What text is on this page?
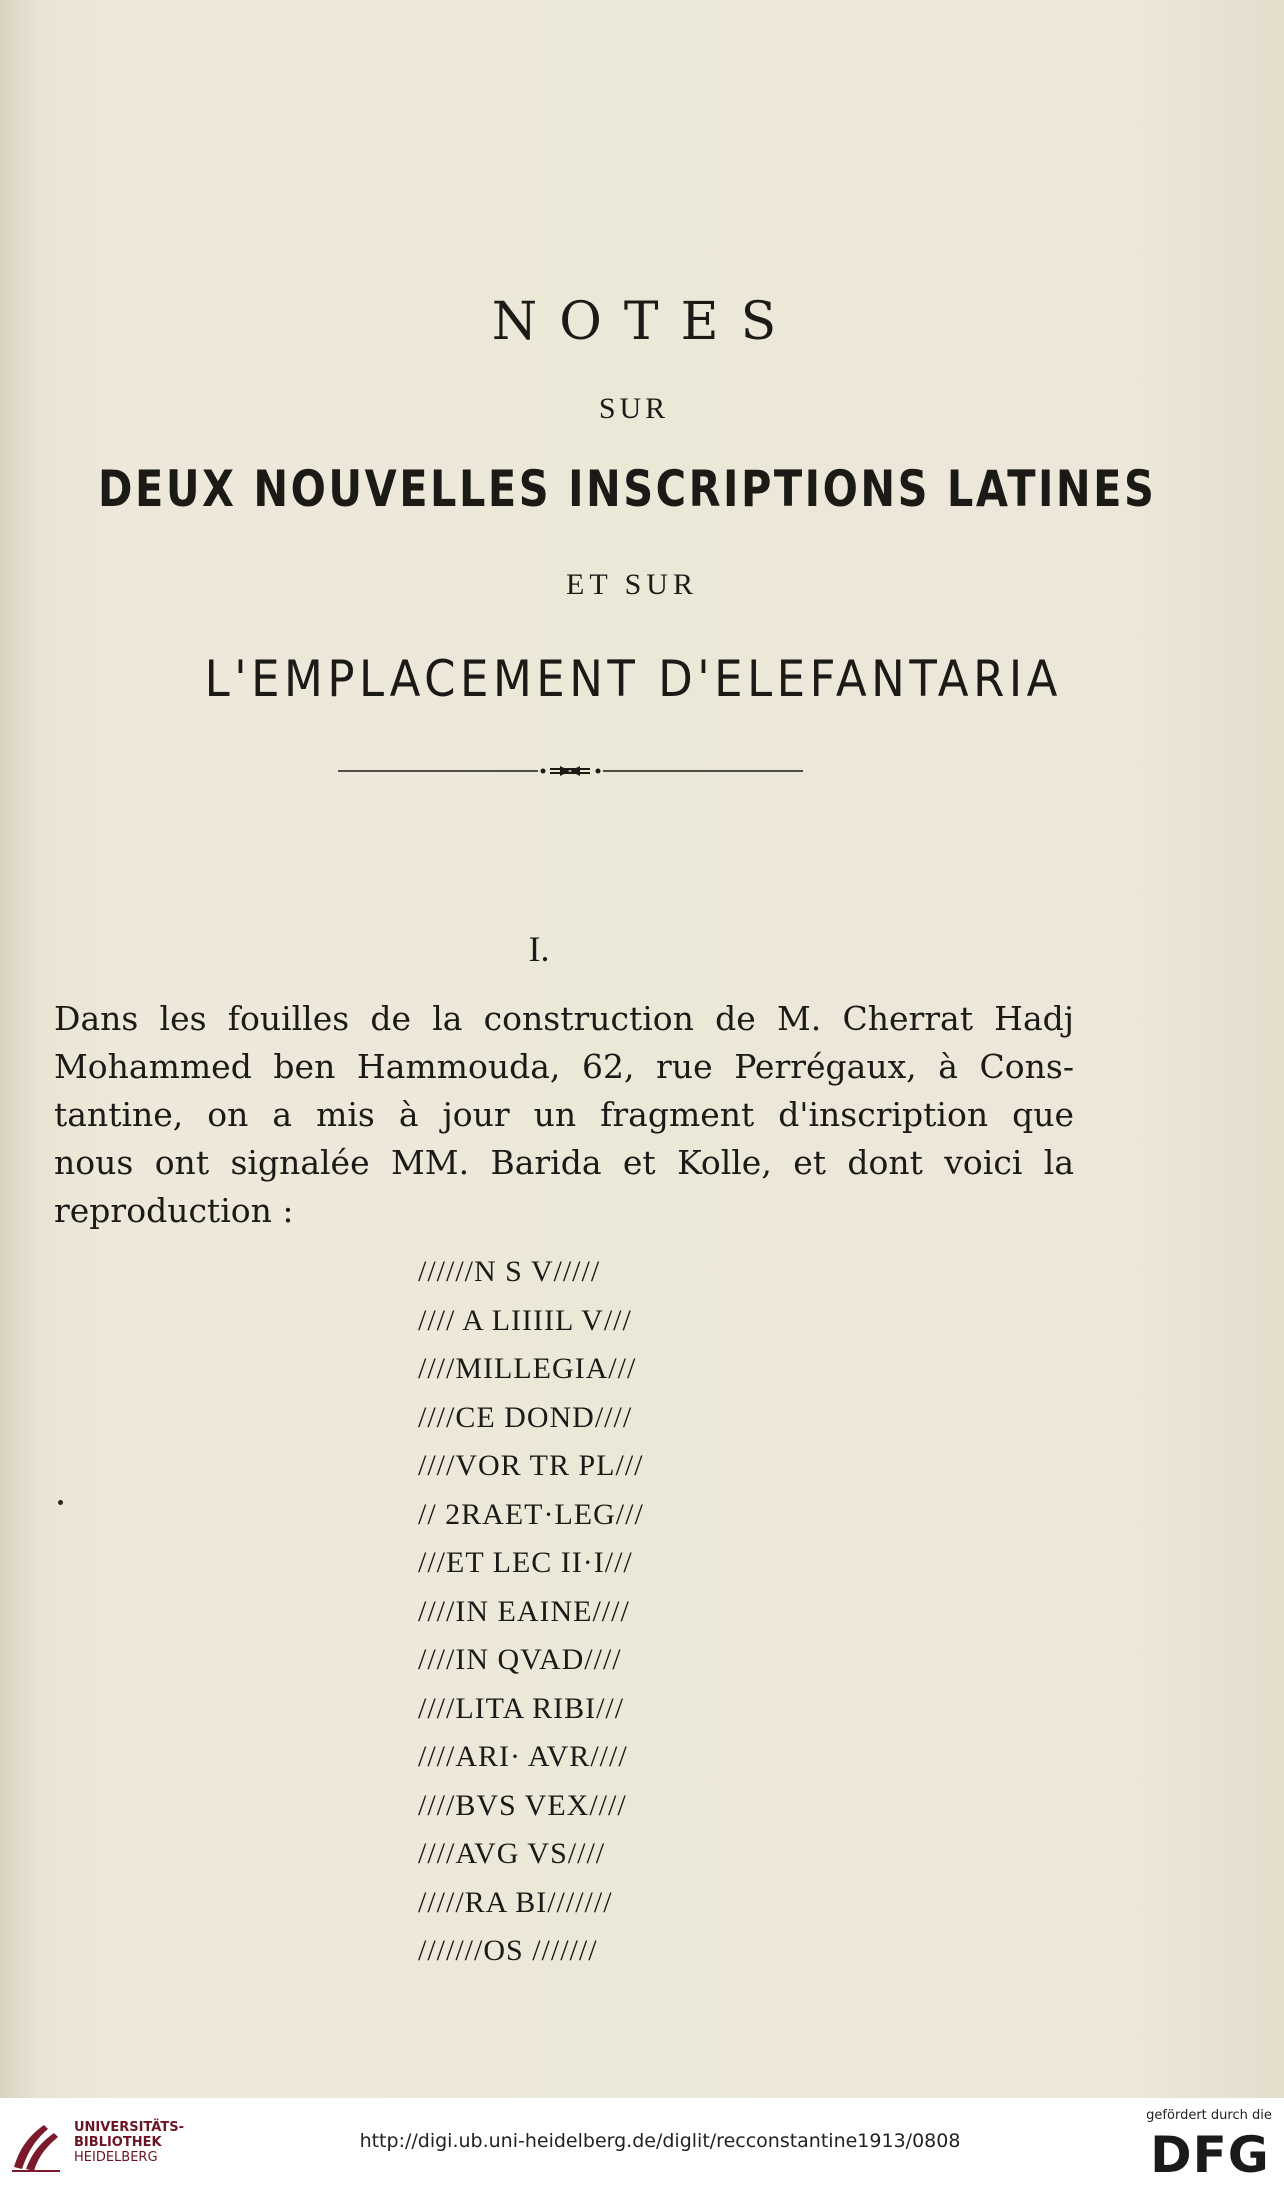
NOTES
SUR
DEUX NOUVELLES INSCRIPTIONS LATINES
ET SUR
L'EMPLACEMENT D'ELEFANTARIA
I.
Dans les fouilles de la construction de M. Cherrat Hadj
Mohammed ben Hammouda, 62, rue Perrégaux, à Cons-
tantine, on a mis à jour un fragment d'inscription que
nous ont signalée MM. Barida et Kolle, et dont voici la
reproduction :
//////N S V/////
//// A LIIIIL V///
////MILLEGIA///
////CE DOND////
////VOR TR PL///
// 2RAET·LEG///
///ET LEC II·I///
////IN EAINE////
////IN QVAD////
////LITA RIBI///
////ARI· AVR////
////BVS VEX////
////AVG VS////
/////RA BI///////
///////OS ///////
UNIVERSITÄTS-
BIBLIOTHEK
HEIDELBERG
http://digi.ub.uni-heidelberg.de/diglit/recconstantine1913/0808
gefördert durch die
DFG
